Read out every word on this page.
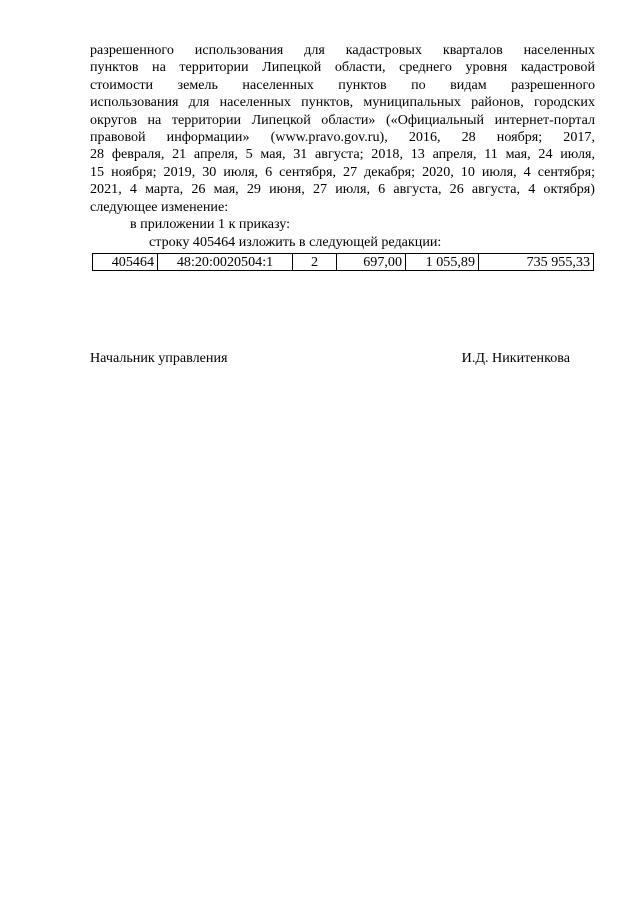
разрешенного использования для кадастровых кварталов населенных
пунктов на территории Липецкой области, среднего уровня кадастровой
стоимости земель населенных пунктов по видам разрешенного
использования для населенных пунктов, муниципальных районов, городских
округов на территории Липецкой области» («Официальный интернет-портал
правовой информации» (www.pravo.gov.ru), 2016, 28 ноября; 2017,
28 февраля, 21 апреля, 5 мая, 31 августа; 2018, 13 апреля, 11 мая, 24 июля,
15 ноября; 2019, 30 июля, 6 сентября, 27 декабря; 2020, 10 июля, 4 сентября;
2021, 4 марта, 26 мая, 29 июня, 27 июля, 6 августа, 26 августа, 4 октября)
следующее изменение:
в приложении 1 к приказу:
строку 405464 изложить в следующей редакции:
405464	48:20:0020504:1	2	697,00	1 055,89	735 955,33
Начальник управления	И.Д. Никитенкова
